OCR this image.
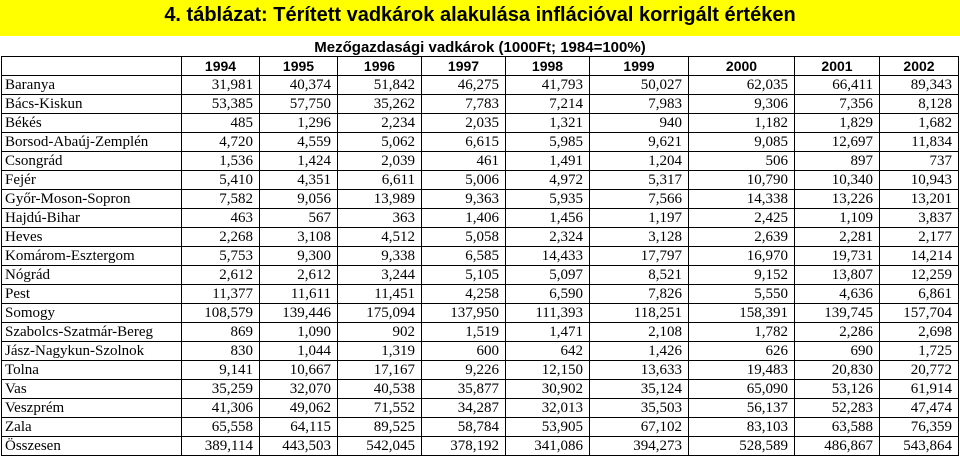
4. táblázat: Térített vadkárok alakulása inflációval korrigált értéken
Mezőgazdasági vadkárok (1000Ft; 1984=100%)
	1994	1995	1996	1997	1998	1999	2000	2001	2002
Baranya	31,981	40,374	51,842	46,275	41,793	50,027	62,035	66,411	89,343
Bács-Kiskun	53,385	57,750	35,262	7,783	7,214	7,983	9,306	7,356	8,128
Békés	485	1,296	2,234	2,035	1,321	940	1,182	1,829	1,682
Borsod-Abaúj-Zemplén	4,720	4,559	5,062	6,615	5,985	9,621	9,085	12,697	11,834
Csongrád	1,536	1,424	2,039	461	1,491	1,204	506	897	737
Fejér	5,410	4,351	6,611	5,006	4,972	5,317	10,790	10,340	10,943
Győr-Moson-Sopron	7,582	9,056	13,989	9,363	5,935	7,566	14,338	13,226	13,201
Hajdú-Bihar	463	567	363	1,406	1,456	1,197	2,425	1,109	3,837
Heves	2,268	3,108	4,512	5,058	2,324	3,128	2,639	2,281	2,177
Komárom-Esztergom	5,753	9,300	9,338	6,585	14,433	17,797	16,970	19,731	14,214
Nógrád	2,612	2,612	3,244	5,105	5,097	8,521	9,152	13,807	12,259
Pest	11,377	11,611	11,451	4,258	6,590	7,826	5,550	4,636	6,861
Somogy	108,579	139,446	175,094	137,950	111,393	118,251	158,391	139,745	157,704
Szabolcs-Szatmár-Bereg	869	1,090	902	1,519	1,471	2,108	1,782	2,286	2,698
Jász-Nagykun-Szolnok	830	1,044	1,319	600	642	1,426	626	690	1,725
Tolna	9,141	10,667	17,167	9,226	12,150	13,633	19,483	20,830	20,772
Vas	35,259	32,070	40,538	35,877	30,902	35,124	65,090	53,126	61,914
Veszprém	41,306	49,062	71,552	34,287	32,013	35,503	56,137	52,283	47,474
Zala	65,558	64,115	89,525	58,784	53,905	67,102	83,103	63,588	76,359
Összesen	389,114	443,503	542,045	378,192	341,086	394,273	528,589	486,867	543,864
